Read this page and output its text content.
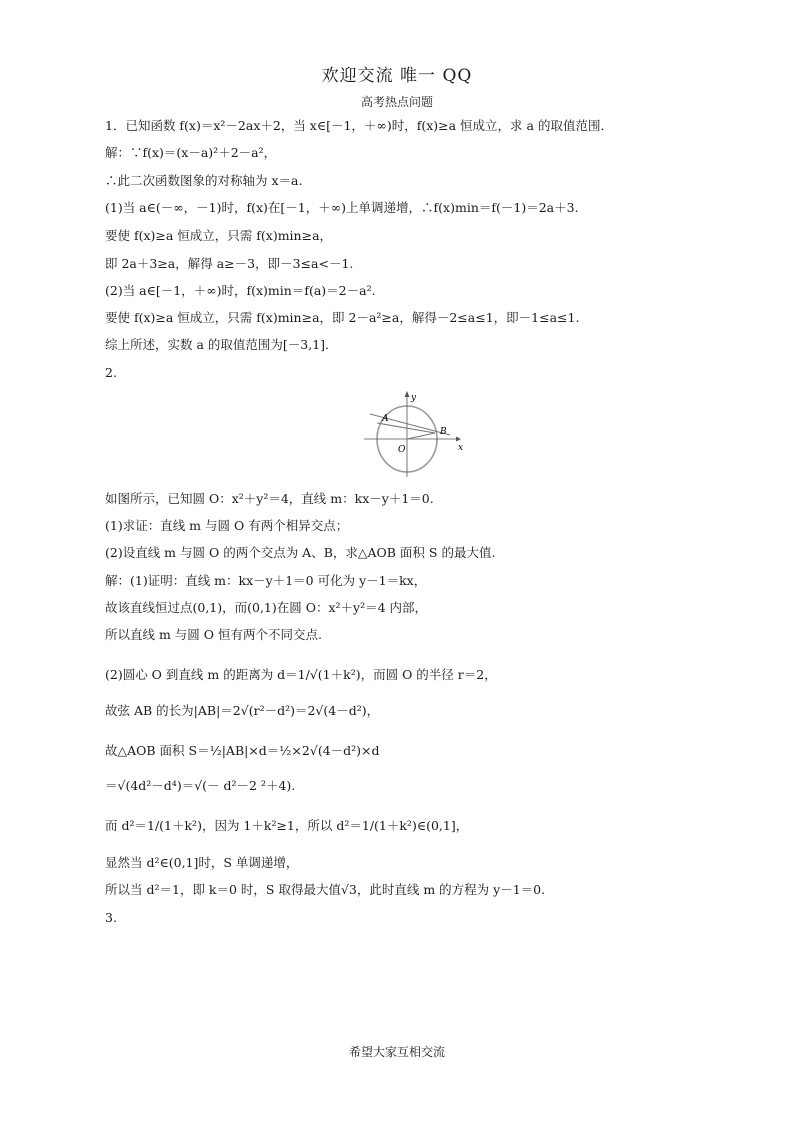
欢迎交流 唯一 QQ
高考热点问题
1．已知函数 f(x)＝x²－2ax＋2，当 x∈[－1，＋∞)时，f(x)≥a 恒成立，求 a 的取值范围．
解：∵f(x)＝(x－a)²＋2－a²，
∴此二次函数图象的对称轴为 x＝a.
(1)当 a∈(－∞，－1)时，f(x)在[－1，＋∞)上单调递增，∴f(x)min＝f(－1)＝2a＋3.
要使 f(x)≥a 恒成立，只需 f(x)min≥a，
即 2a＋3≥a，解得 a≥－3，即－3≤a<－1.
(2)当 a∈[－1，＋∞)时，f(x)min＝f(a)＝2－a².
要使 f(x)≥a 恒成立，只需 f(x)min≥a，即 2－a²≥a，解得－2≤a≤1，即－1≤a≤1.
综上所述，实数 a 的取值范围为[－3,1]．
2.
y
x
A
B
O
如图所示，已知圆 O：x²＋y²＝4，直线 m：kx－y＋1＝0.
(1)求证：直线 m 与圆 O 有两个相异交点；
(2)设直线 m 与圆 O 的两个交点为 A、B，求△AOB 面积 S 的最大值.
解：(1)证明：直线 m：kx－y＋1＝0 可化为 y－1＝kx，
故该直线恒过点(0,1)，而(0,1)在圆 O：x²＋y²＝4 内部，
所以直线 m 与圆 O 恒有两个不同交点.
(2)圆心 O 到直线 m 的距离为 d＝1/√(1＋k²)，而圆 O 的半径 r＝2，
故弦 AB 的长为|AB|＝2√(r²－d²)＝2√(4－d²)，
故△AOB 面积 S＝½|AB|×d＝½×2√(4－d²)×d
＝√(4d²－d⁴)＝√(－ d²－2 ²＋4).
而 d²＝1/(1＋k²)，因为 1＋k²≥1，所以 d²＝1/(1＋k²)∈(0,1]，
显然当 d²∈(0,1]时，S 单调递增，
所以当 d²＝1，即 k＝0 时，S 取得最大值√3，此时直线 m 的方程为 y－1＝0.
3.
希望大家互相交流
